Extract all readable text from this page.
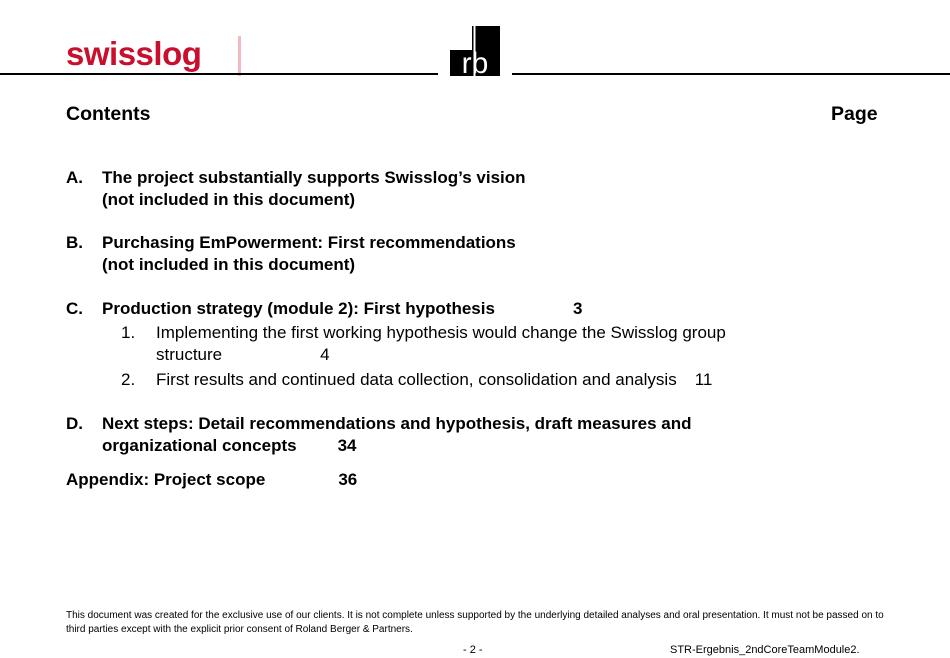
swisslog	rb
Contents	Page
A. The project substantially supports Swisslog’s vision
(not included in this document)
B. Purchasing EmPowerment: First recommendations
(not included in this document)
C. Production strategy (module 2): First hypothesis	3
1. Implementing the first working hypothesis would change the Swisslog group
structure	4
2. First results and continued data collection, consolidation and analysis 11
D. Next steps: Detail recommendations and hypothesis, draft measures and
organizational concepts 34
Appendix: Project scope	36
This document was created for the exclusive use of our clients. It is not complete unless supported by the underlying detailed analyses and oral presentation. It must not be passed on to third parties except with the explicit prior consent of Roland Berger & Partners.
- 2 -	STR-Ergebnis_2ndCoreTeamModule2.
